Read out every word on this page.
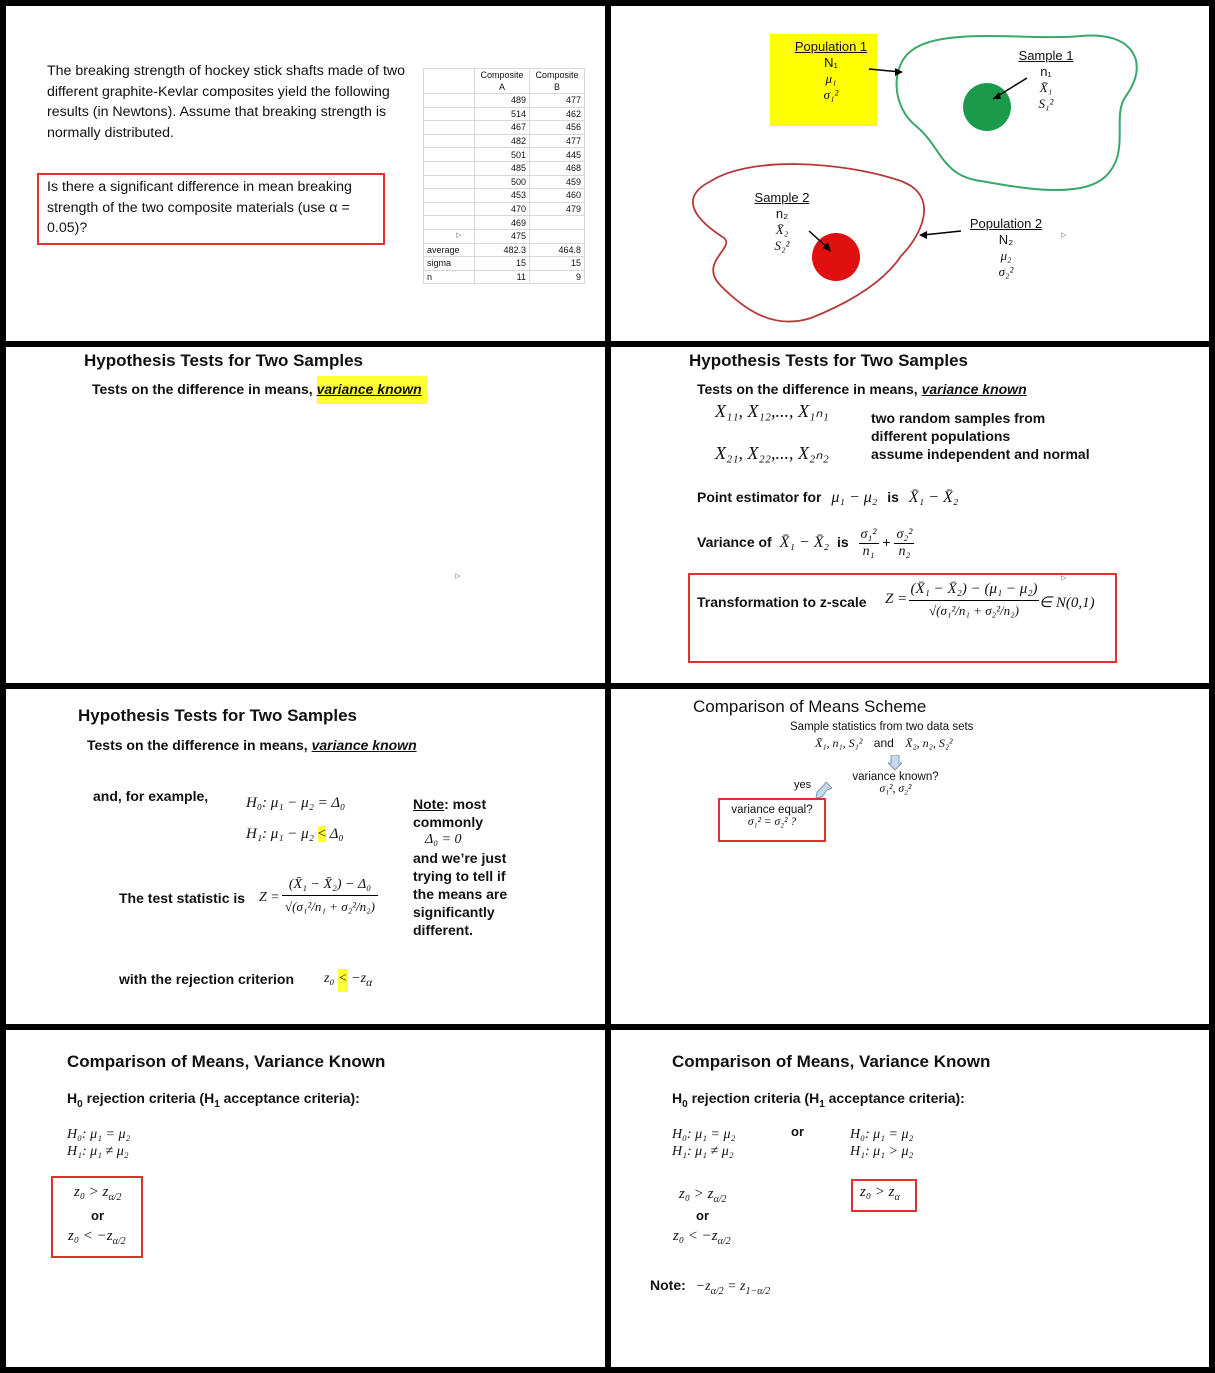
The breaking strength of hockey stick shafts made of two different graphite-Kevlar composites yield the following results (in Newtons). Assume that breaking strength is normally distributed.
Is there a significant difference in mean breaking strength of the two composite materials (use α = 0.05)?	▹
	Composite A	Composite B
	489	477
	514	462
	467	456
	482	477
	501	445
	485	468
	500	459
	453	460
	470	479
	469	
	475	
average	482.3	464.8
sigma	15	15
n	11	9
Population 1
N₁
μ₁
σ₁²
Sample 1
n₁
X̄₁
S₁²
Sample 2
n₂
X̄₂
S₂²
Population 2
N₂
μ₂
σ₂²
▹
Hypothesis Tests for Two Samples
Tests on the difference in means, variance known
▹
Hypothesis Tests for Two Samples
Tests on the difference in means, variance known
X₁₁, X₁₂,..., X₁ₙ₁
X₂₁, X₂₂,..., X₂ₙ₂
two random samples from
different populations
assume independent and normal
Point estimator for μ₁ − μ₂ is X̄₁ − X̄₂
Variance of X̄₁ − X̄₂ is $\frac{\text{σ₁²}}{\text{n₁}} + \frac{\text{σ₂²}}{\text{n₂}}$
Transformation to z-scale Z =
(X̄₁ − X̄₂) − (μ₁ − μ₂)
√(σ₁²/n₁ + σ₂²/n₂)	∈ N(0,1)
▹
Hypothesis Tests for Two Samples
Tests on the difference in means, variance known
and, for example,	H₀: μ₁ − μ₂ = Δ₀
H₁: μ₁ − μ₂ < Δ₀
Note: most commonly
Δ₀ = 0
and we’re just trying to tell if the means are significantly different.
The test statistic is Z =
(X̄₁ − X̄₂) − Δ₀
√(σ₁²/n₁ + σ₂²/n₂)
with the rejection criterion $z_0 < -z_\alpha$
Comparison of Means Scheme
Sample statistics from two data sets
X̄₁, n₁, S₁² and X̄₂, n₂, S₂²
variance known?
σ₁², σ₂²
yes
variance equal?
σ₁² = σ₂² ?
Comparison of Means, Variance Known
$H_0$ rejection criteria ($H_1$ acceptance criteria):
H₀: μ₁ = μ₂
H₁: μ₁ ≠ μ₂
$z_0 > z_{\alpha/2}$
or
$z_0 < -z_{\alpha/2}$
Comparison of Means, Variance Known
$H_0$ rejection criteria ($H_1$ acceptance criteria):
H₀: μ₁ = μ₂
H₁: μ₁ ≠ μ₂
or	H₀: μ₁ = μ₂
H₁: μ₁ > μ₂
$z_0 > z_{\alpha/2}$
or
$z_0 < -z_{\alpha/2}$
$z_0 > z_\alpha$
Note: $-z_{\alpha/2} = z_{1-\alpha/2}$
